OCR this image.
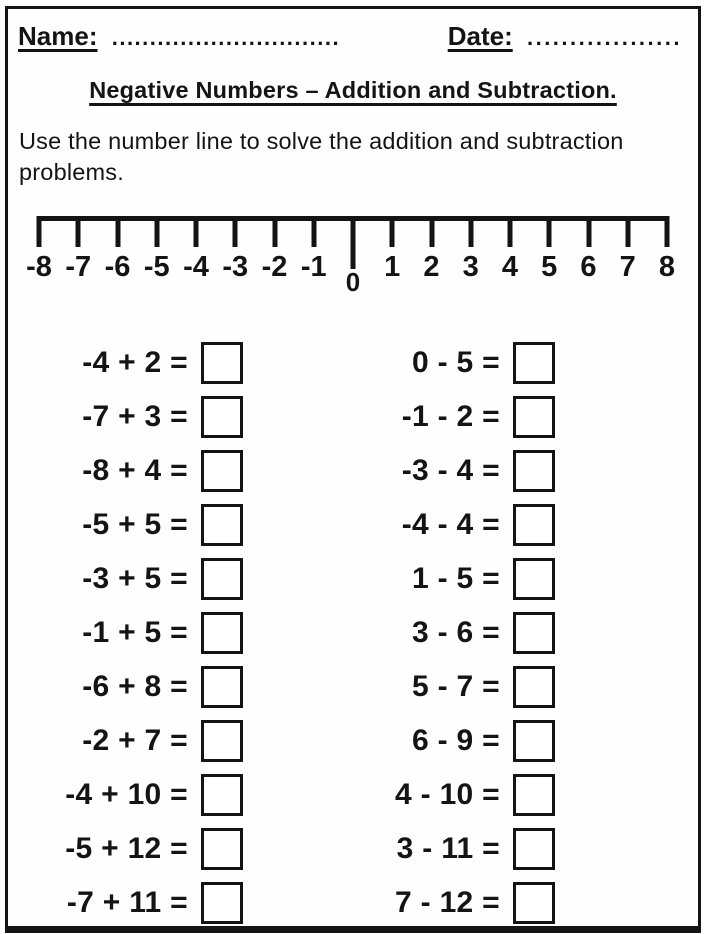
Name: ..............................	Date: ..................
Negative Numbers – Addition and Subtraction.
Use the number line to solve the addition and subtraction
problems.
-8 -7 -6 -5 -4 -3 -2 -1 0 1 2 3 4 5 6 7 8
-4 + 2 =
-7 + 3 =
-8 + 4 =
-5 + 5 =
-3 + 5 =
-1 + 5 =
-6 + 8 =
-2 + 7 =
-4 + 10 =
-5 + 12 =
-7 + 11 =
0 - 5 =
-1 - 2 =
-3 - 4 =
-4 - 4 =
1 - 5 =
3 - 6 =
5 - 7 =
6 - 9 =
4 - 10 =
3 - 11 =
7 - 12 =
